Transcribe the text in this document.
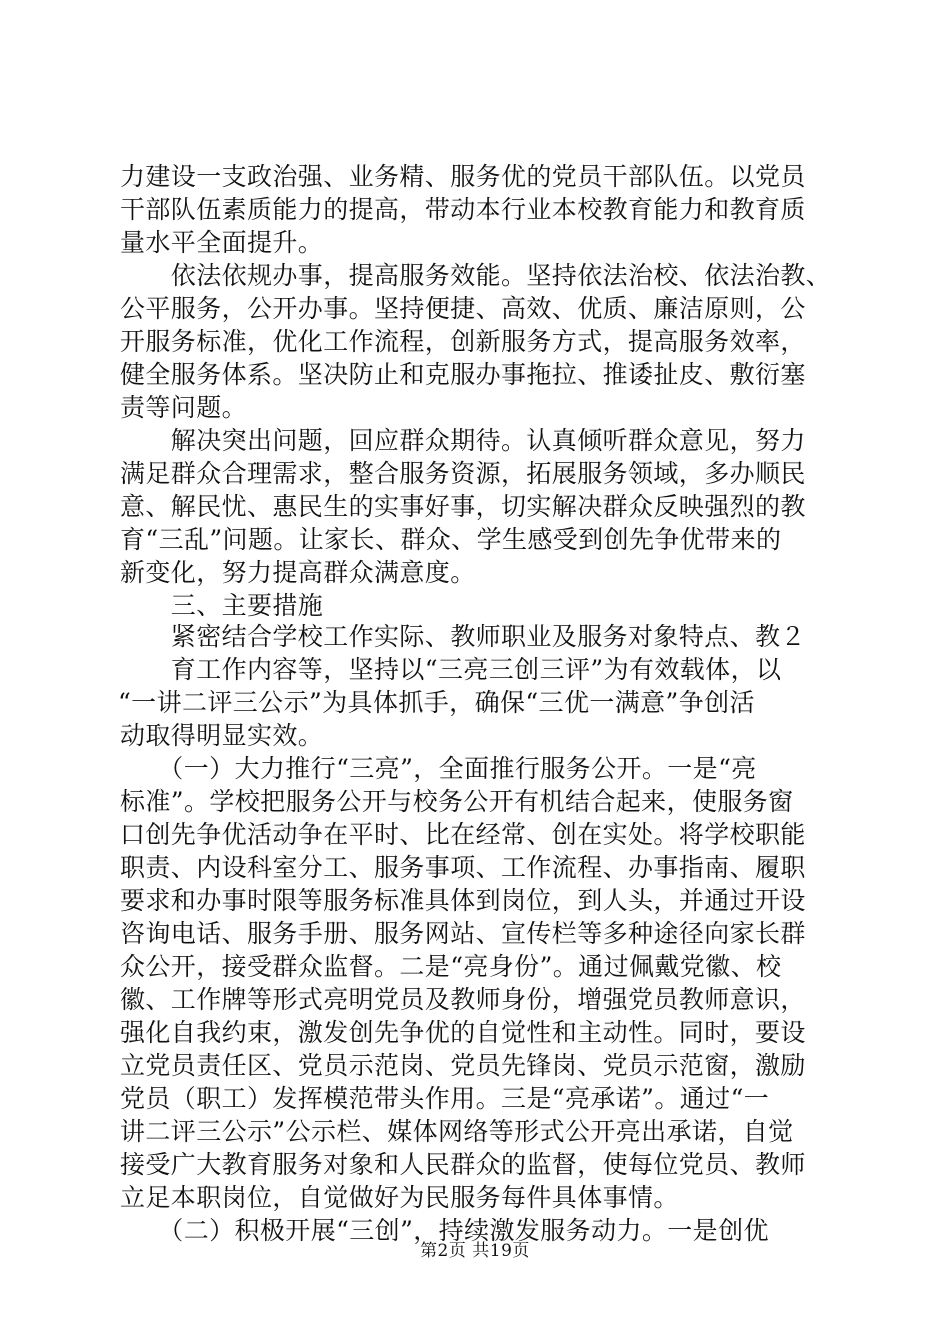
力建设一支政治强、业务精、服务优的党员干部队伍。以党员
干部队伍素质能力的提高，带动本行业本校教育能力和教育质
量水平全面提升。
　　依法依规办事，提高服务效能。坚持依法治校、依法治教、
公平服务，公开办事。坚持便捷、高效、优质、廉洁原则，公
开服务标准，优化工作流程，创新服务方式，提高服务效率，
健全服务体系。坚决防止和克服办事拖拉、推诿扯皮、敷衍塞
责等问题。
　　解决突出问题，回应群众期待。认真倾听群众意见，努力
满足群众合理需求，整合服务资源，拓展服务领域，多办顺民
意、解民忧、惠民生的实事好事，切实解决群众反映强烈的教
育“三乱”问题。让家长、群众、学生感受到创先争优带来的
新变化，努力提高群众满意度。
　　三、主要措施
　　紧密结合学校工作实际、教师职业及服务对象特点、教２
　　育工作内容等，坚持以“三亮三创三评”为有效载体，以
“一讲二评三公示”为具体抓手，确保“三优一满意”争创活
动取得明显实效。
　　（一）大力推行“三亮”，全面推行服务公开。一是“亮
标准”。学校把服务公开与校务公开有机结合起来，使服务窗
口创先争优活动争在平时、比在经常、创在实处。将学校职能
职责、内设科室分工、服务事项、工作流程、办事指南、履职
要求和办事时限等服务标准具体到岗位，到人头，并通过开设
咨询电话、服务手册、服务网站、宣传栏等多种途径向家长群
众公开，接受群众监督。二是“亮身份”。通过佩戴党徽、校
徽、工作牌等形式亮明党员及教师身份，增强党员教师意识，
强化自我约束，激发创先争优的自觉性和主动性。同时，要设
立党员责任区、党员示范岗、党员先锋岗、党员示范窗，激励
党员（职工）发挥模范带头作用。三是“亮承诺”。通过“一
讲二评三公示”公示栏、媒体网络等形式公开亮出承诺，自觉
接受广大教育服务对象和人民群众的监督，使每位党员、教师
立足本职岗位，自觉做好为民服务每件具体事情。
　　（二）积极开展“三创”，持续激发服务动力。一是创优
第2页 共19页
